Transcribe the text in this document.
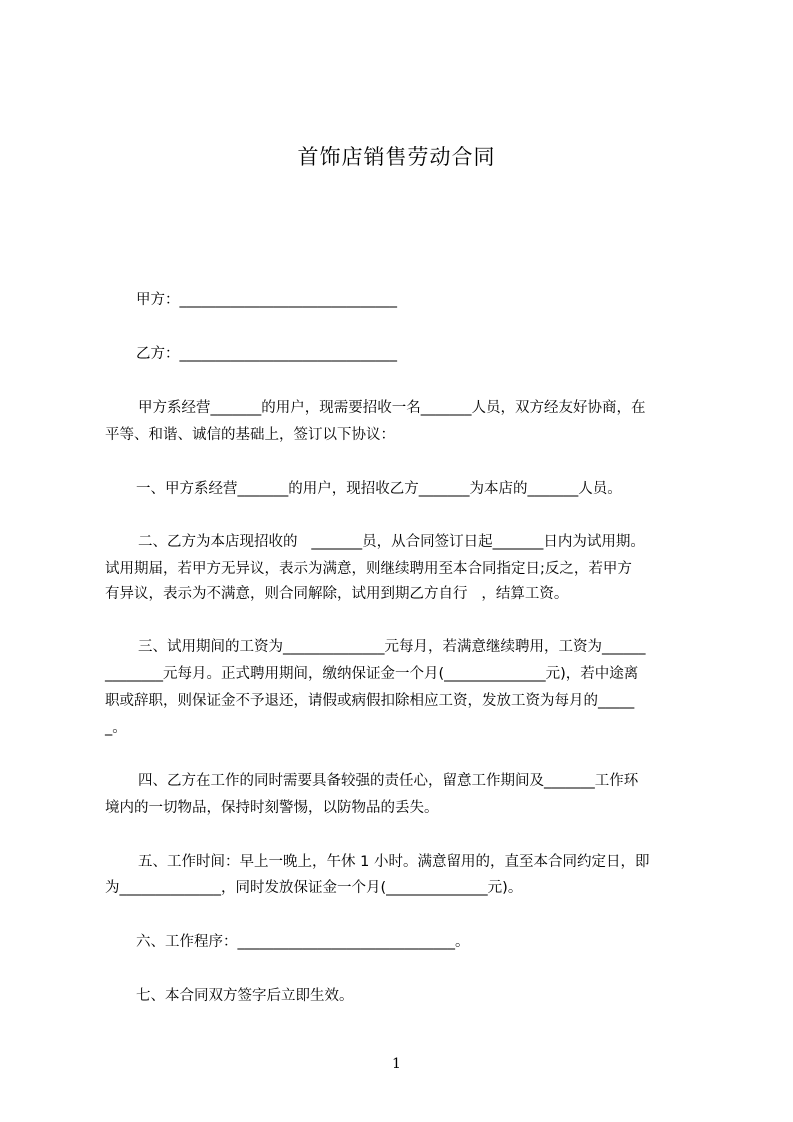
首饰店销售劳动合同
甲方：______________________________
乙方：______________________________
甲方系经营_______的用户，现需要招收一名_______人员，双方经友好协商，在
平等、和谐、诚信的基础上，签订以下协议：
一、甲方系经营_______的用户，现招收乙方_______为本店的_______人员。
二、乙方为本店现招收的   _______员，从合同签订日起_______日内为试用期。
试用期届，若甲方无异议，表示为满意，则继续聘用至本合同指定日;反之，若甲方
有异议，表示为不满意，则合同解除，试用到期乙方自行   ，结算工资。
三、试用期间的工资为______________元每月，若满意继续聘用，工资为______
________元每月。正式聘用期间，缴纳保证金一个月(______________元)，若中途离
职或辞职，则保证金不予退还，请假或病假扣除相应工资，发放工资为每月的_____
_。
四、乙方在工作的同时需要具备较强的责任心，留意工作期间及_______工作环
境内的一切物品，保持时刻警惕，以防物品的丢失。
五、工作时间：早上一晚上，午休 1 小时。满意留用的，直至本合同约定日，即
为______________，同时发放保证金一个月(______________元)。
六、工作程序：______________________________。
七、本合同双方签字后立即生效。
1
